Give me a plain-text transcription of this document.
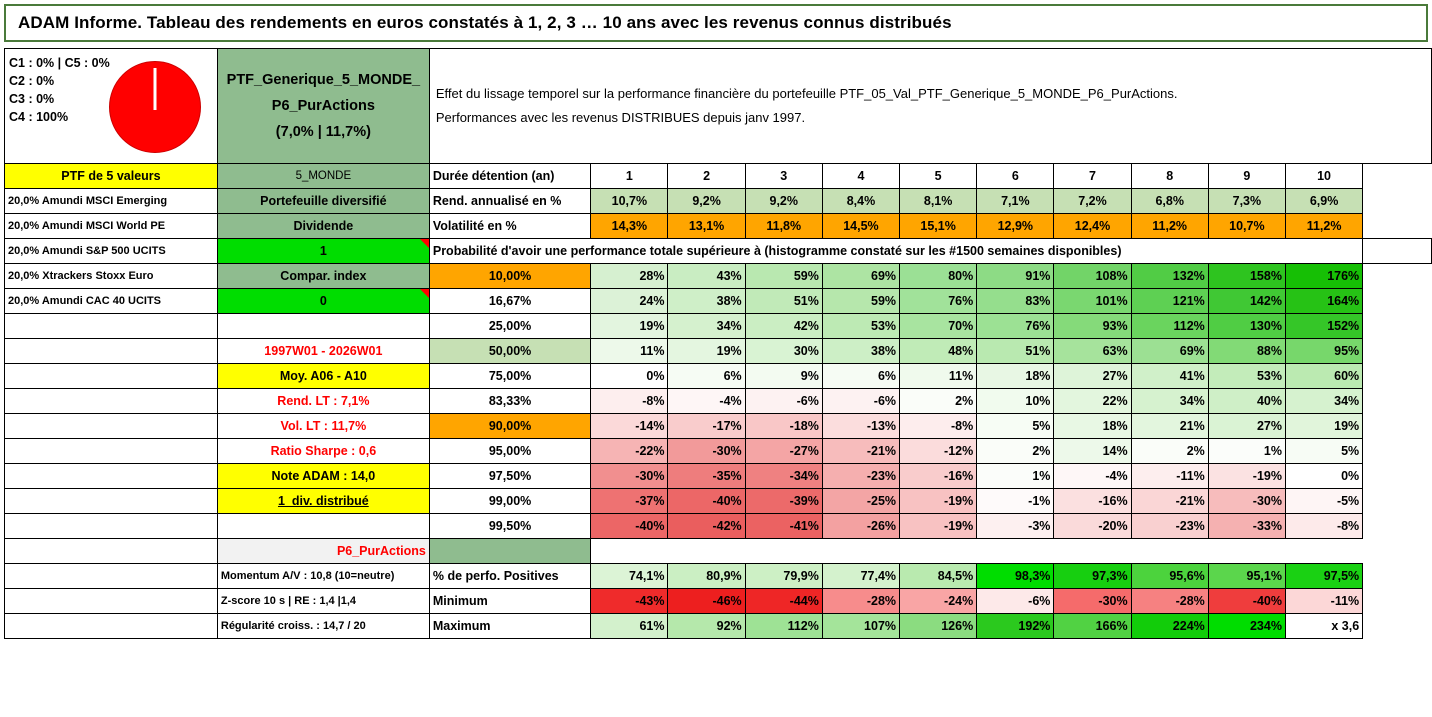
ADAM Informe. Tableau des rendements en euros constatés à 1, 2, 3 … 10 ans avec les revenus connus distribués
C1 : 0% | C5 : 0%
C2 : 0%
C3 : 0%
C4 : 100%

PTF_Generique_5_MONDE_
P6_PurActions
(7,0% | 11,7%)

Effet du lissage temporel sur la performance financière du portefeuille PTF_05_Val_PTF_Generique_5_MONDE_P6_PurActions.
Performances avec les revenus DISTRIBUES depuis janv 1997.

PTF de 5 valeurs	5_MONDE	Durée détention (an)	1	2	3	4	5	6	7	8	9	10	
20,0% Amundi MSCI Emerging	Portefeuille diversifié	Rend. annualisé en %	10,7%	9,2%	9,2%	8,4%	8,1%	7,1%	7,2%	6,8%	7,3%	6,9%	
20,0% Amundi MSCI World PE	Dividende	Volatilité en %	14,3%	13,1%	11,8%	14,5%	15,1%	12,9%	12,4%	11,2%	10,7%	11,2%	
20,0% Amundi S&P 500 UCITS	1	Probabilité d'avoir une performance totale supérieure à (histogramme constaté sur les #1500 semaines disponibles)											
20,0% Xtrackers Stoxx Euro	Compar. index	10,00%	28%	43%	59%	69%	80%	91%	108%	132%	158%	176%	
20,0% Amundi CAC 40 UCITS	0	16,67%	24%	38%	51%	59%	76%	83%	101%	121%	142%	164%	
		25,00%	19%	34%	42%	53%	70%	76%	93%	112%	130%	152%	
	1997W01 - 2026W01	50,00%	11%	19%	30%	38%	48%	51%	63%	69%	88%	95%	
	Moy. A06 - A10	75,00%	0%	6%	9%	6%	11%	18%	27%	41%	53%	60%	
	Rend. LT : 7,1%	83,33%	-8%	-4%	-6%	-6%	2%	10%	22%	34%	40%	34%	
	Vol. LT : 11,7%	90,00%	-14%	-17%	-18%	-13%	-8%	5%	18%	21%	27%	19%	
	Ratio Sharpe : 0,6	95,00%	-22%	-30%	-27%	-21%	-12%	2%	14%	2%	1%	5%	
	Note ADAM : 14,0	97,50%	-30%	-35%	-34%	-23%	-16%	1%	-4%	-11%	-19%	0%	
	1_div. distribué	99,00%	-37%	-40%	-39%	-25%	-19%	-1%	-16%	-21%	-30%	-5%	
		99,50%	-40%	-42%	-41%	-26%	-19%	-3%	-20%	-23%	-33%	-8%	
	P6_PurActions												
	Momentum A/V : 10,8 (10=neutre)	% de perfo. Positives	74,1%	80,9%	79,9%	77,4%	84,5%	98,3%	97,3%	95,6%	95,1%	97,5%	
	Z-score 10 s | RE : 1,4 |1,4	Minimum	-43%	-46%	-44%	-28%	-24%	-6%	-30%	-28%	-40%	-11%	
	Régularité croiss. : 14,7 / 20	Maximum	61%	92%	112%	107%	126%	192%	166%	224%	234%	x 3,6	
